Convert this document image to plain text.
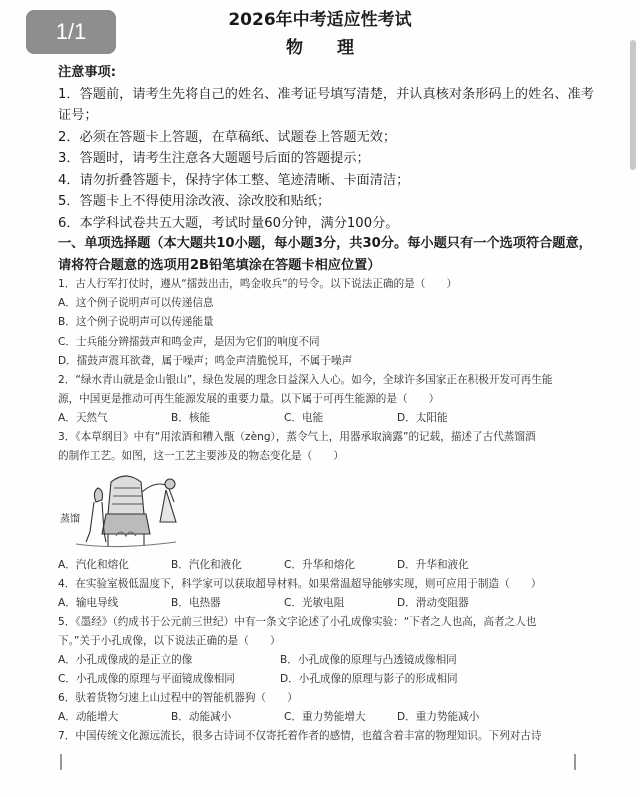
1/1	2026年中考适应性考试
物 理
注意事项:
1．答题前，请考生先将自己的姓名、准考证号填写清楚，并认真核对条形码上的姓名、准考
证号；
2．必须在答题卡上答题，在草稿纸、试题卷上答题无效；
3．答题时，请考生注意各大题题号后面的答题提示；
4．请勿折叠答题卡，保持字体工整、笔迹清晰、卡面清洁；
5．答题卡上不得使用涂改液、涂改胶和贴纸；
6．本学科试卷共五大题，考试时量60分钟，满分100分。
一、单项选择题（本大题共10小题，每小题3分，共30分。每小题只有一个选项符合题意，
请将符合题意的选项用2B铅笔填涂在答题卡相应位置）
1．古人行军打仗时，遵从“擂鼓出击，鸣金收兵”的号令。以下说法正确的是（　　）
A．这个例子说明声可以传递信息
B．这个例子说明声可以传递能量
C．士兵能分辨擂鼓声和鸣金声，是因为它们的响度不同
D．擂鼓声震耳欲聋，属于噪声；鸣金声清脆悦耳，不属于噪声
2．“绿水青山就是金山银山”，绿色发展的理念日益深入人心。如今，全球许多国家正在积极开发可再生能
源，中国更是推动可再生能源发展的重要力量。以下属于可再生能源的是（　　）
A．天然气	B．核能	C．电能	D．太阳能
3．《本草纲目》中有“用浓酒和糟入甑（zèng），蒸令气上，用器承取滴露”的记载，描述了古代蒸馏酒
的制作工艺。如图，这一工艺主要涉及的物态变化是（　　）
蒸馏
A．汽化和熔化	B．汽化和液化	C．升华和熔化	D．升华和液化
4．在实验室极低温度下，科学家可以获取超导材料。如果常温超导能够实现，则可应用于制造（　　）
A．输电导线	B．电热器	C．光敏电阻	D．滑动变阻器
5．《墨经》（约成书于公元前三世纪）中有一条文字论述了小孔成像实验：“下者之人也高，高者之人也
下。”关于小孔成像，以下说法正确的是（　　）
A．小孔成像成的是正立的像	B．小孔成像的原理与凸透镜成像相同
C．小孔成像的原理与平面镜成像相同	D．小孔成像的原理与影子的形成相同
6．驮着货物匀速上山过程中的智能机器狗（　　）
A．动能增大	B．动能减小	C．重力势能增大	D．重力势能减小
7．中国传统文化源远流长，很多古诗词不仅寄托着作者的感情，也蕴含着丰富的物理知识。下列对古诗
